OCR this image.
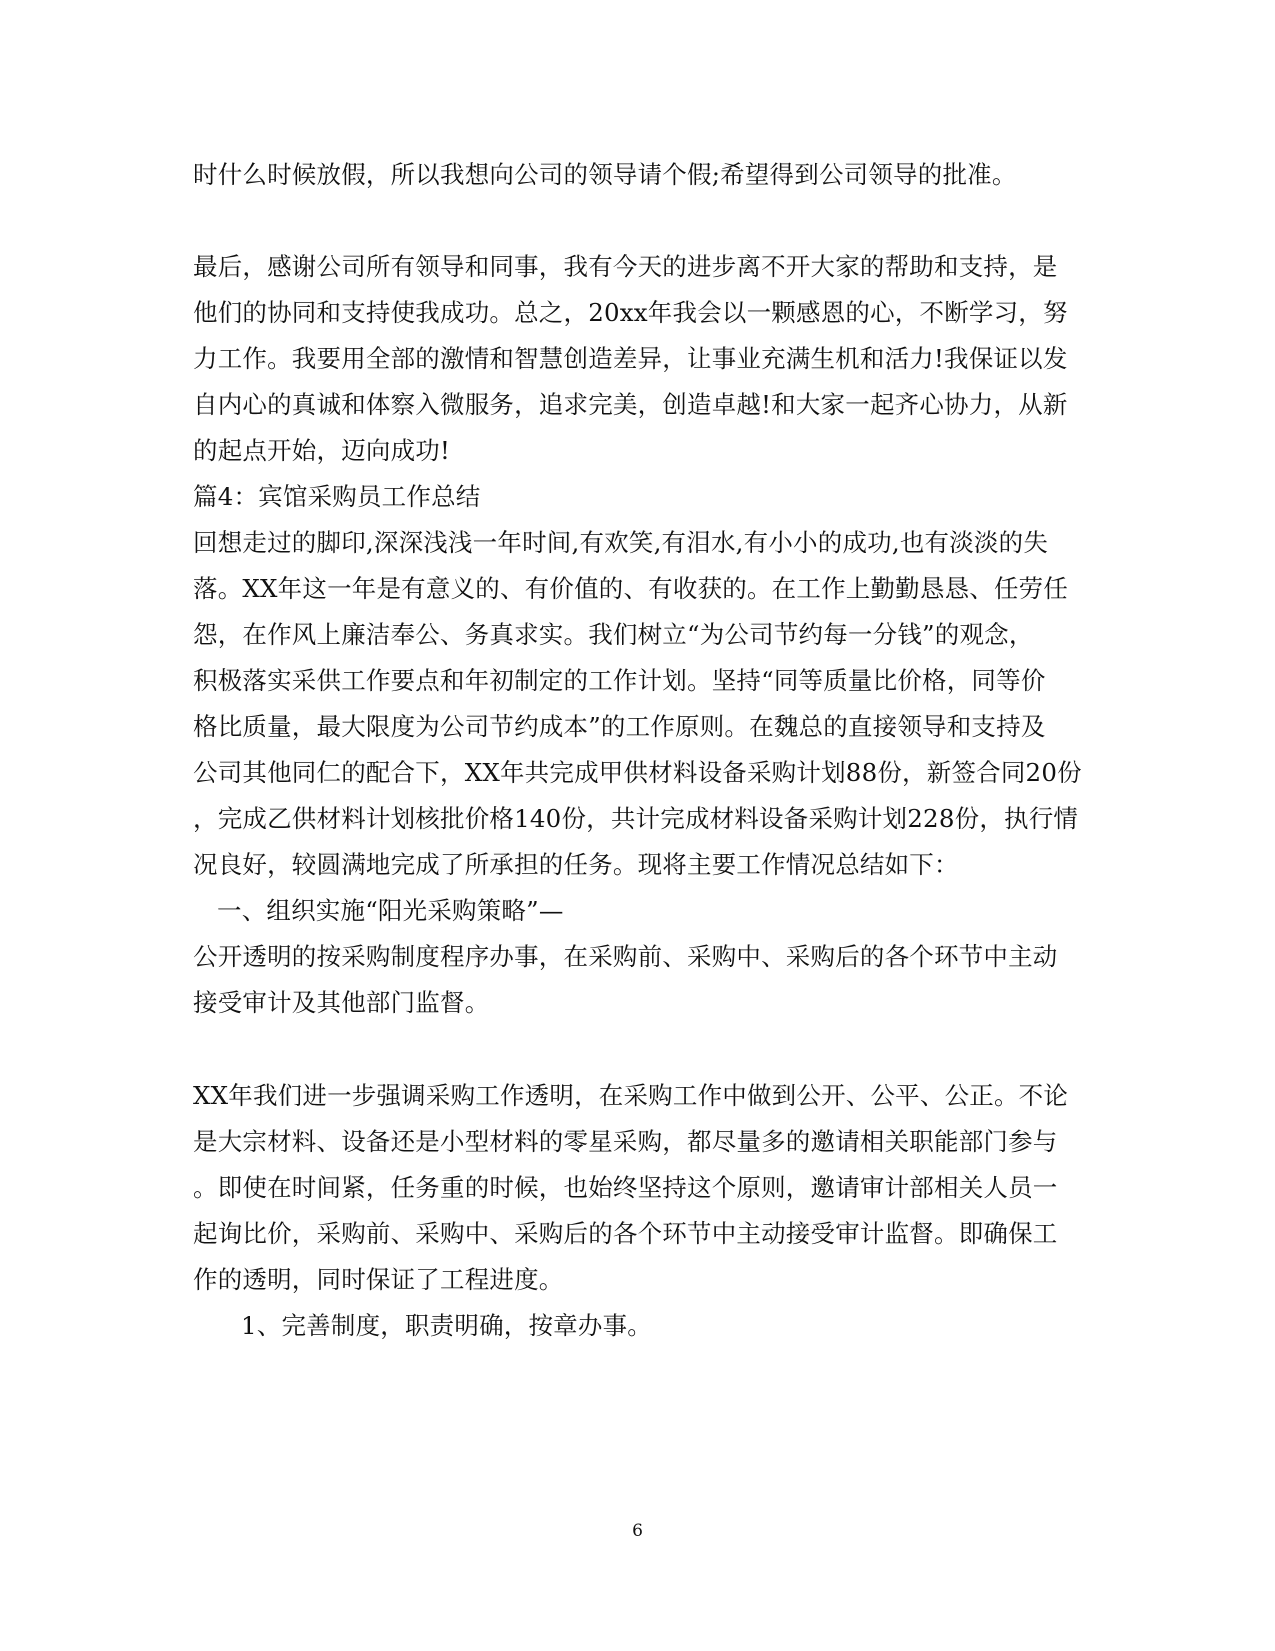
时什么时候放假，所以我想向公司的领导请个假;希望得到公司领导的批准。
最后，感谢公司所有领导和同事，我有今天的进步离不开大家的帮助和支持，是
他们的协同和支持使我成功。总之，20xx年我会以一颗感恩的心，不断学习，努
力工作。我要用全部的激情和智慧创造差异，让事业充满生机和活力!我保证以发
自内心的真诚和体察入微服务，追求完美，创造卓越!和大家一起齐心协力，从新
的起点开始，迈向成功!
篇4：宾馆采购员工作总结
回想走过的脚印,深深浅浅一年时间,有欢笑,有泪水,有小小的成功,也有淡淡的失
落。XX年这一年是有意义的、有价值的、有收获的。在工作上勤勤恳恳、任劳任
怨，在作风上廉洁奉公、务真求实。我们树立“为公司节约每一分钱”的观念，
积极落实采供工作要点和年初制定的工作计划。坚持“同等质量比价格，同等价
格比质量，最大限度为公司节约成本”的工作原则。在魏总的直接领导和支持及
公司其他同仁的配合下，XX年共完成甲供材料设备采购计划88份，新签合同20份
，完成乙供材料计划核批价格140份，共计完成材料设备采购计划228份，执行情
况良好，较圆满地完成了所承担的任务。现将主要工作情况总结如下：
一、组织实施“阳光采购策略”—
公开透明的按采购制度程序办事，在采购前、采购中、采购后的各个环节中主动
接受审计及其他部门监督。
XX年我们进一步强调采购工作透明，在采购工作中做到公开、公平、公正。不论
是大宗材料、设备还是小型材料的零星采购，都尽量多的邀请相关职能部门参与
。即使在时间紧，任务重的时候，也始终坚持这个原则，邀请审计部相关人员一
起询比价，采购前、采购中、采购后的各个环节中主动接受审计监督。即确保工
作的透明，同时保证了工程进度。
1、完善制度，职责明确，按章办事。
6
